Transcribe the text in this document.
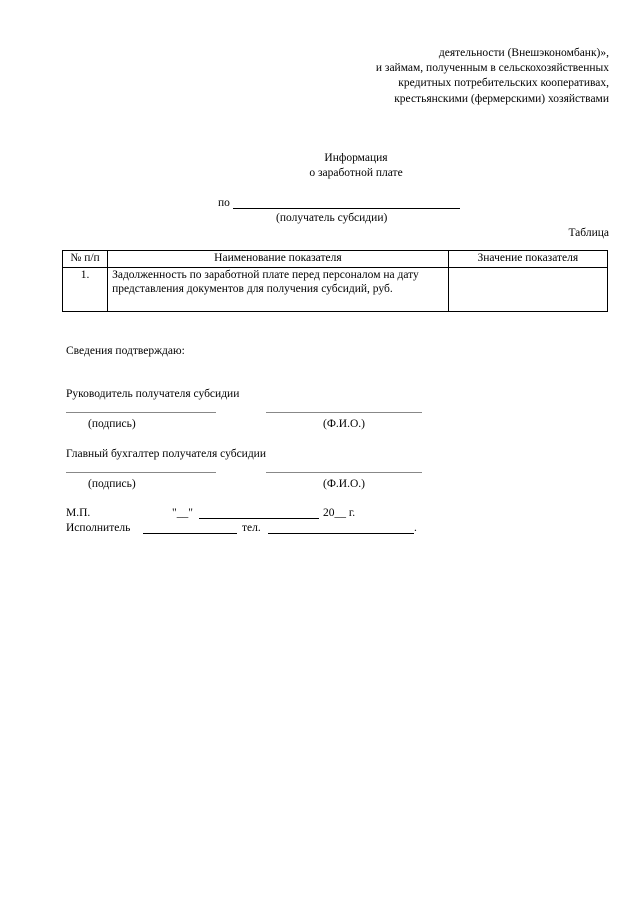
деятельности (Внешэкономбанк)»,
и займам, полученным в сельскохозяйственных
кредитных потребительских кооперативах,
крестьянскими (фермерскими) хозяйствами
Информация
о заработной плате
по
(получатель субсидии)
Таблица
№ п/п	Наименование показателя	Значение показателя
1.	Задолженность по заработной плате перед персоналом на дату представления документов для получения субсидий, руб.	
Сведения подтверждаю:
Руководитель получателя субсидии
(подпись)	(Ф.И.О.)
Главный бухгалтер получателя субсидии
(подпись)	(Ф.И.О.)
М.П.	"__"	20__ г.
Исполнитель	тел.	.
